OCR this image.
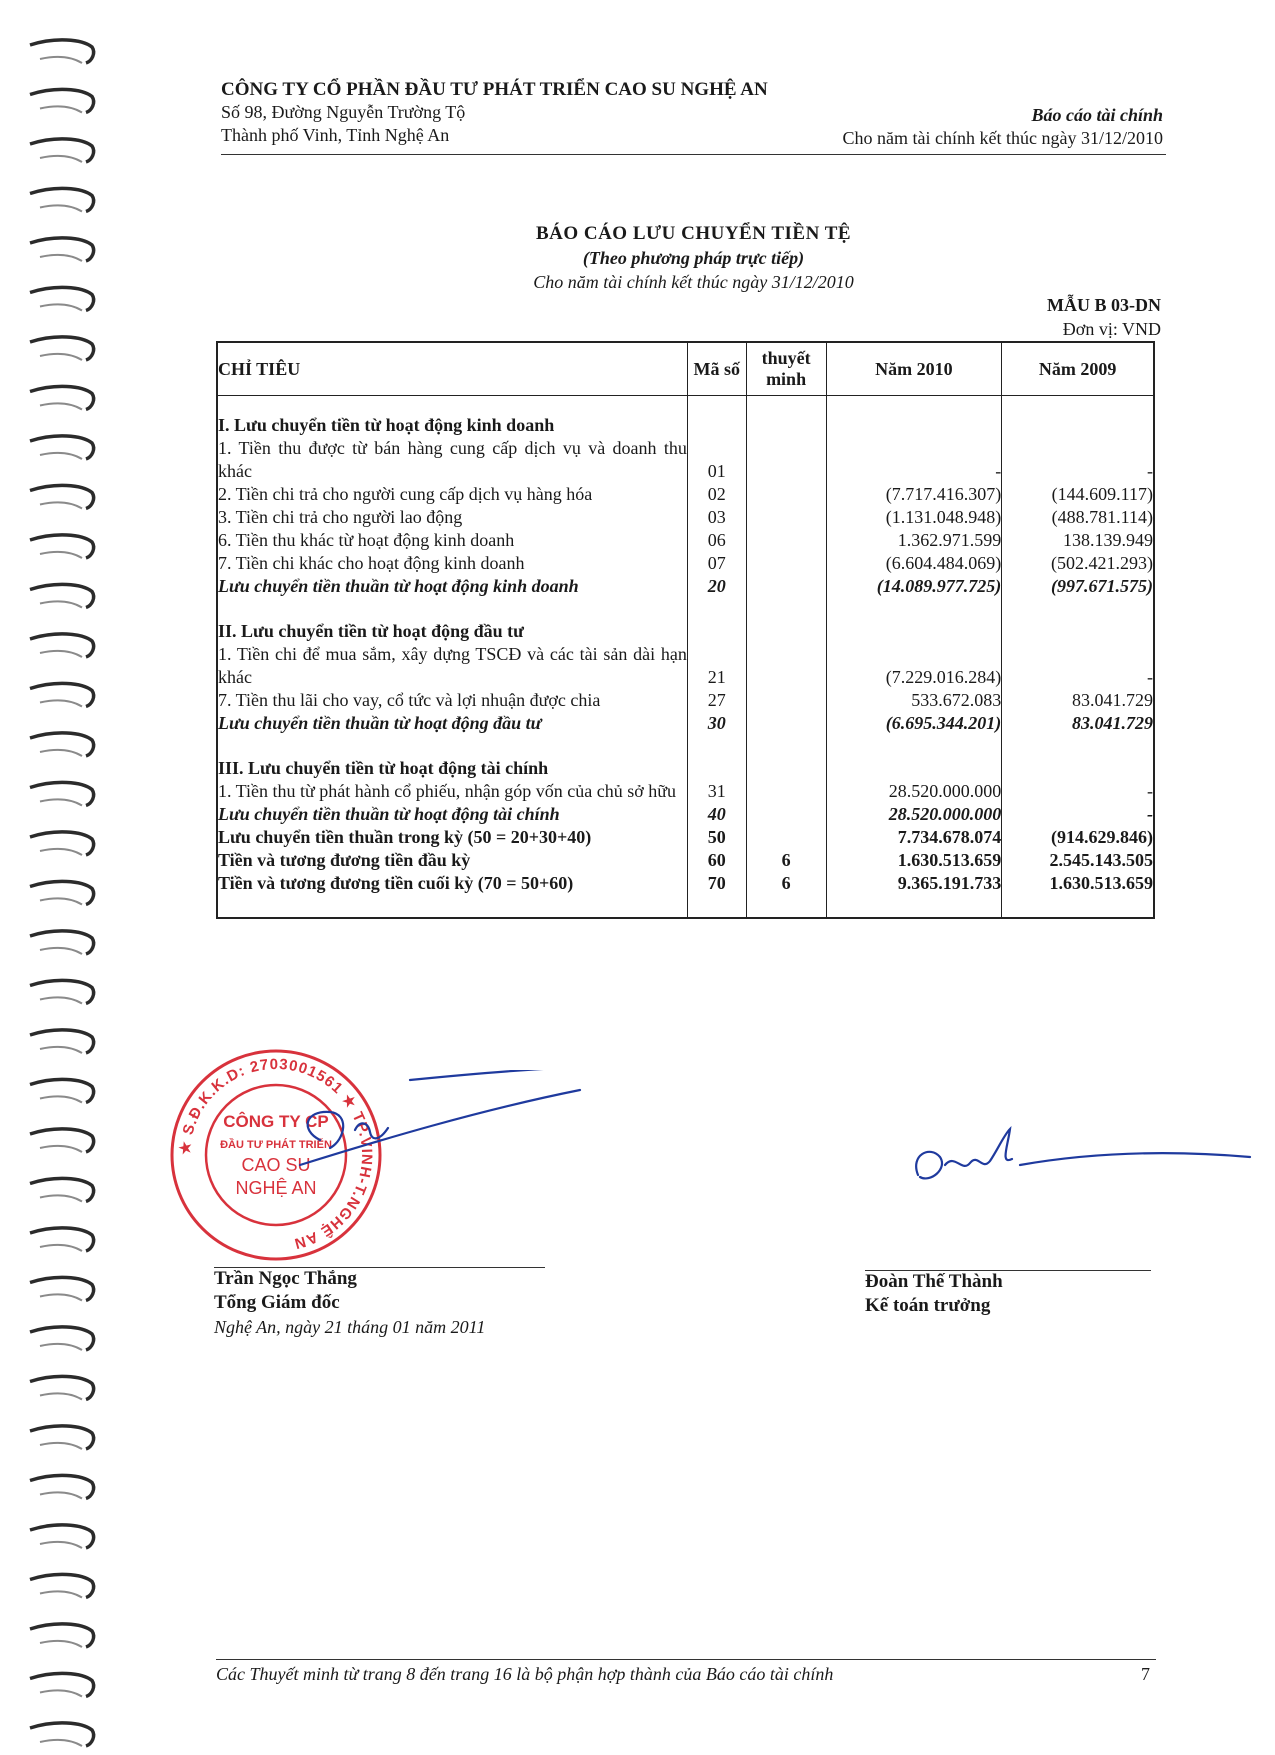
CÔNG TY CỔ PHẦN ĐẦU TƯ PHÁT TRIỂN CAO SU NGHỆ AN
Số 98, Đường Nguyễn Trường Tộ
Thành phố Vinh, Tỉnh Nghệ An
Báo cáo tài chính
Cho năm tài chính kết thúc ngày 31/12/2010
BÁO CÁO LƯU CHUYỂN TIỀN TỆ
(Theo phương pháp trực tiếp)
Cho năm tài chính kết thúc ngày 31/12/2010
MẪU B 03-DN
Đơn vị: VND
CHỈ TIÊU	Mã số	thuyết minh	Năm 2010	Năm 2009

I. Lưu chuyển tiền từ hoạt động kinh doanh				
1. Tiền thu được từ bán hàng cung cấp dịch vụ và doanh thu khác	01		-	-
2. Tiền chi trả cho người cung cấp dịch vụ hàng hóa	02		(7.717.416.307)	(144.609.117)
3. Tiền chi trả cho người lao động	03		(1.131.048.948)	(488.781.114)
6. Tiền thu khác từ hoạt động kinh doanh	06		1.362.971.599	138.139.949
7. Tiền chi khác cho hoạt động kinh doanh	07		(6.604.484.069)	(502.421.293)
Lưu chuyển tiền thuần từ hoạt động kinh doanh	20		(14.089.977.725)	(997.671.575)

II. Lưu chuyển tiền từ hoạt động đầu tư				
1. Tiền chi để mua sắm, xây dựng TSCĐ và các tài sản dài hạn khác	21		(7.229.016.284)	-
7. Tiền thu lãi cho vay, cổ tức và lợi nhuận được chia	27		533.672.083	83.041.729
Lưu chuyển tiền thuần từ hoạt động đầu tư	30		(6.695.344.201)	83.041.729

III. Lưu chuyển tiền từ hoạt động tài chính				
1. Tiền thu từ phát hành cổ phiếu, nhận góp vốn của chủ sở hữu	31		28.520.000.000	-
Lưu chuyển tiền thuần từ hoạt động tài chính	40		28.520.000.000	-
Lưu chuyển tiền thuần trong kỳ (50 = 20+30+40)	50		7.734.678.074	(914.629.846)
Tiền và tương đương tiền đầu kỳ	60	6	1.630.513.659	2.545.143.505
Tiền và tương đương tiền cuối kỳ (70 = 50+60)	70	6	9.365.191.733	1.630.513.659

★ S.Đ.K.K.D: 2703001561 ★ TP.VINH-T.NGHỆ AN
CÔNG TY CP
ĐẦU TƯ PHÁT TRIỂN
CAO SU
NGHỆ AN
Trần Ngọc Thắng
Tổng Giám đốc
Nghệ An, ngày 21 tháng 01 năm 2011
Đoàn Thế Thành
Kế toán trưởng
Các Thuyết minh từ trang 8 đến trang 16 là bộ phận hợp thành của Báo cáo tài chính	7
